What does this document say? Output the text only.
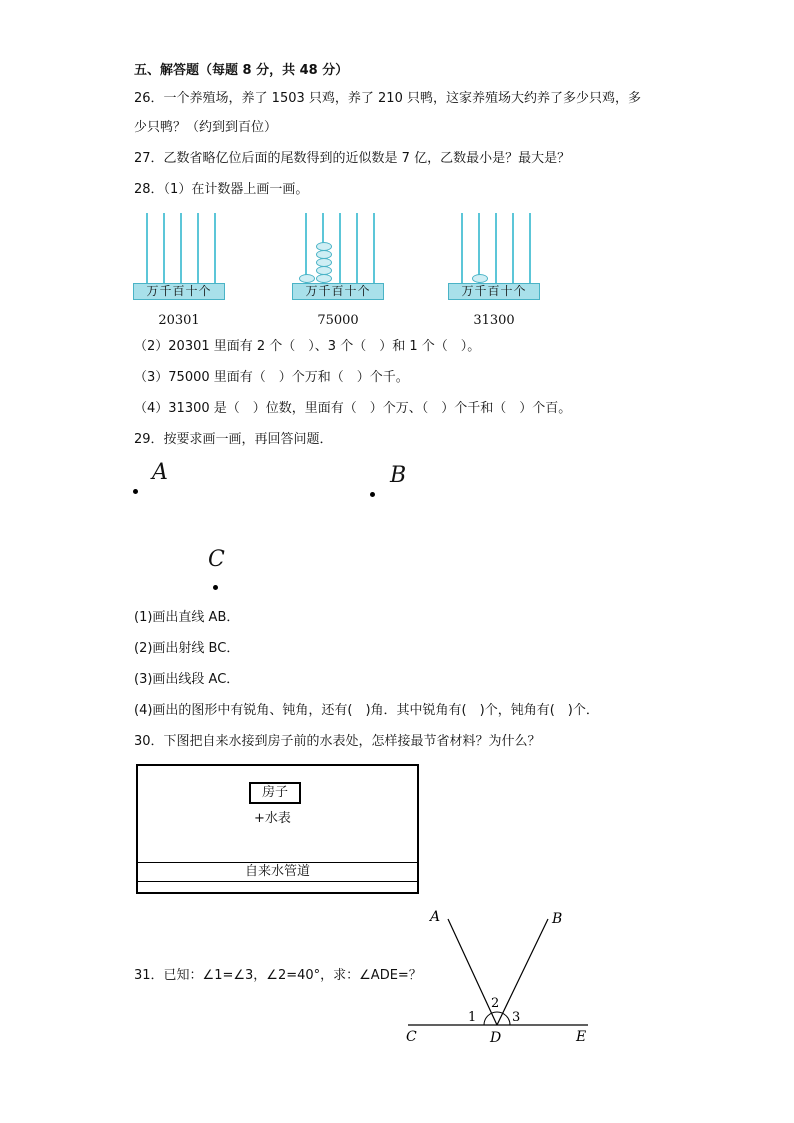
五、解答题（每题 8 分，共 48 分）
26．一个养殖场，养了 1503 只鸡，养了 210 只鸭，这家养殖场大约养了多少只鸡，多
少只鸭？（约到到百位）
27．乙数省略亿位后面的尾数得到的近似数是 7 亿，乙数最小是？最大是？
28．（1）在计数器上画一画。
万千百十个
20301
万千百十个
75000
万千百十个
31300
（2）20301 里面有 2 个（　）、3 个（　）和 1 个（　）。
（3）75000 里面有（　）个万和（　）个千。
（4）31300 是（　）位数，里面有（　）个万、（　）个千和（　）个百。
29．按要求画一画，再回答问题．
A	B
C
(1)画出直线 AB．
(2)画出射线 BC．
(3)画出线段 AC．
(4)画出的图形中有锐角、钝角，还有(　)角．其中锐角有(　)个，钝角有(　)个．
30．下图把自来水接到房子前的水表处，怎样接最节省材料？为什么？
房子
+水表
自来水管道
31．已知：∠1=∠3，∠2=40°，求：∠ADE=？
A	B
C	D	E
1
2
3
